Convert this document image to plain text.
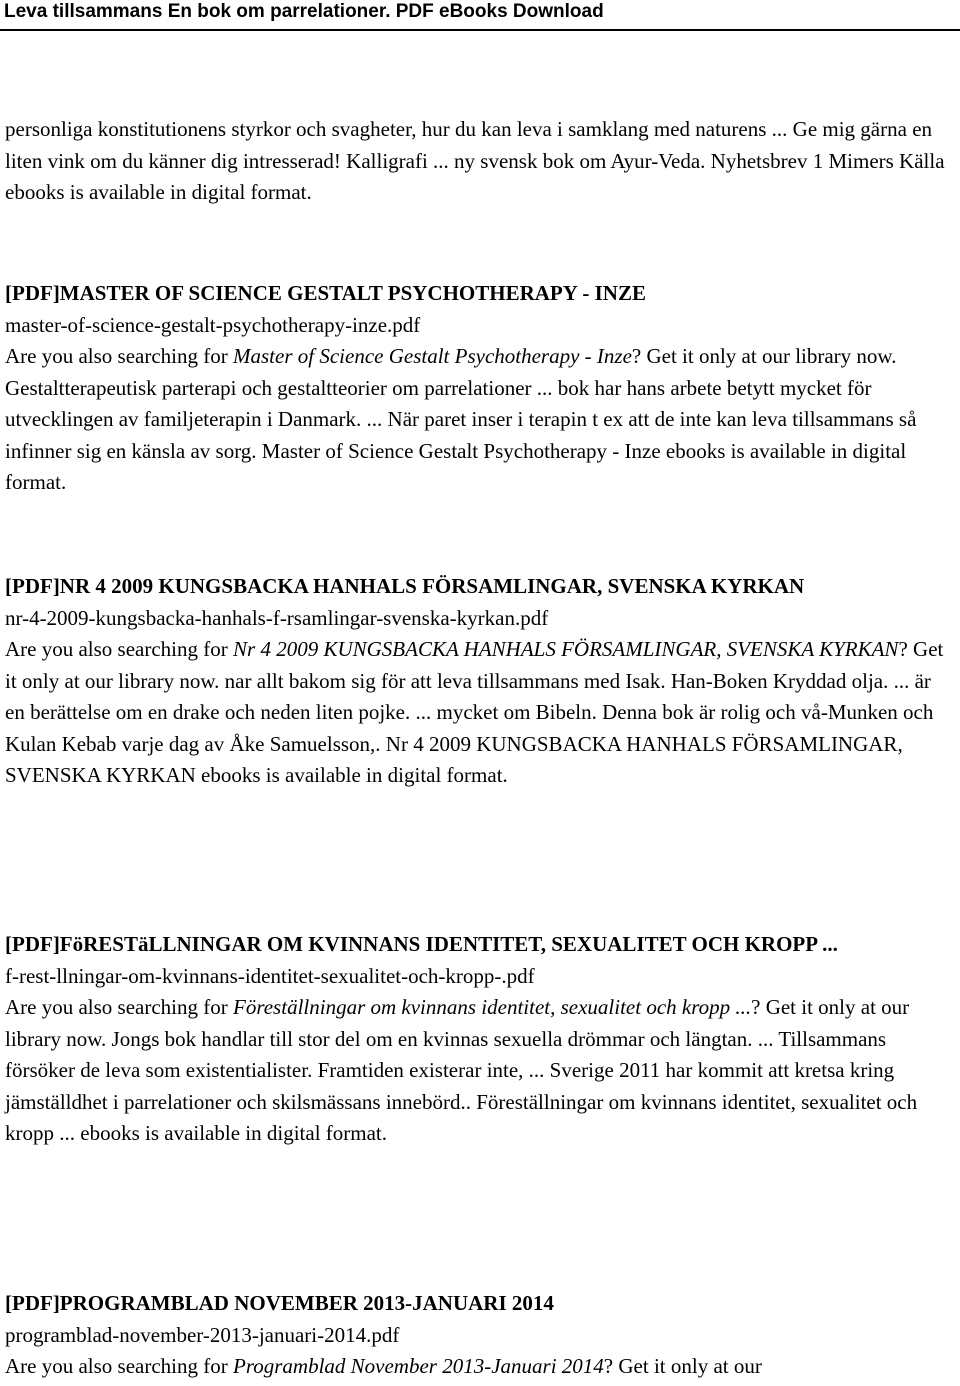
Leva tillsammans En bok om parrelationer. PDF eBooks Download

personliga konstitutionens styrkor och svagheter, hur du kan leva i samklang med naturens ... Ge mig gärna en liten vink om du känner dig intresserad! Kalligrafi ... ny svensk bok om Ayur-Veda. Nyhetsbrev 1 Mimers Källa ebooks is available in digital format.

[PDF]MASTER OF SCIENCE GESTALT PSYCHOTHERAPY - INZE

master-of-science-gestalt-psychotherapy-inze.pdf

Are you also searching for Master of Science Gestalt Psychotherapy - Inze? Get it only at our library now. Gestaltterapeutisk parterapi och gestaltteorier om parrelationer ... bok har hans arbete betytt mycket för utvecklingen av familjeterapin i Danmark. ... När paret inser i terapin t ex att de inte kan leva tillsammans så infinner sig en känsla av sorg. Master of Science Gestalt Psychotherapy - Inze ebooks is available in digital format.

[PDF]NR 4 2009 KUNGSBACKA HANHALS FÖRSAMLINGAR, SVENSKA KYRKAN

nr-4-2009-kungsbacka-hanhals-f-rsamlingar-svenska-kyrkan.pdf

Are you also searching for Nr 4 2009 KUNGSBACKA HANHALS FÖRSAMLINGAR, SVENSKA KYRKAN? Get it only at our library now. nar allt bakom sig för att leva tillsammans med Isak. Han-Boken Kryddad olja. ... är en berättelse om en drake och neden liten pojke. ... mycket om Bibeln. Denna bok är rolig och vå-Munken och Kulan Kebab varje dag av Åke Samuelsson,. Nr 4 2009 KUNGSBACKA HANHALS FÖRSAMLINGAR, SVENSKA KYRKAN ebooks is available in digital format.

[PDF]FöRESTäLLNINGAR OM KVINNANS IDENTITET, SEXUALITET OCH KROPP ...

f-rest-llningar-om-kvinnans-identitet-sexualitet-och-kropp-.pdf

Are you also searching for Föreställningar om kvinnans identitet, sexualitet och kropp ...? Get it only at our library now. Jongs bok handlar till stor del om en kvinnas sexuella drömmar och längtan. ... Tillsammans försöker de leva som existentialister. Framtiden existerar inte, ... Sverige 2011 har kommit att kretsa kring jämställdhet i parrelationer och skilsmässans innebörd.. Föreställningar om kvinnans identitet, sexualitet och kropp ... ebooks is available in digital format.

[PDF]PROGRAMBLAD NOVEMBER 2013-JANUARI 2014

programblad-november-2013-januari-2014.pdf

Are you also searching for Programblad November 2013-Januari 2014? Get it only at our
